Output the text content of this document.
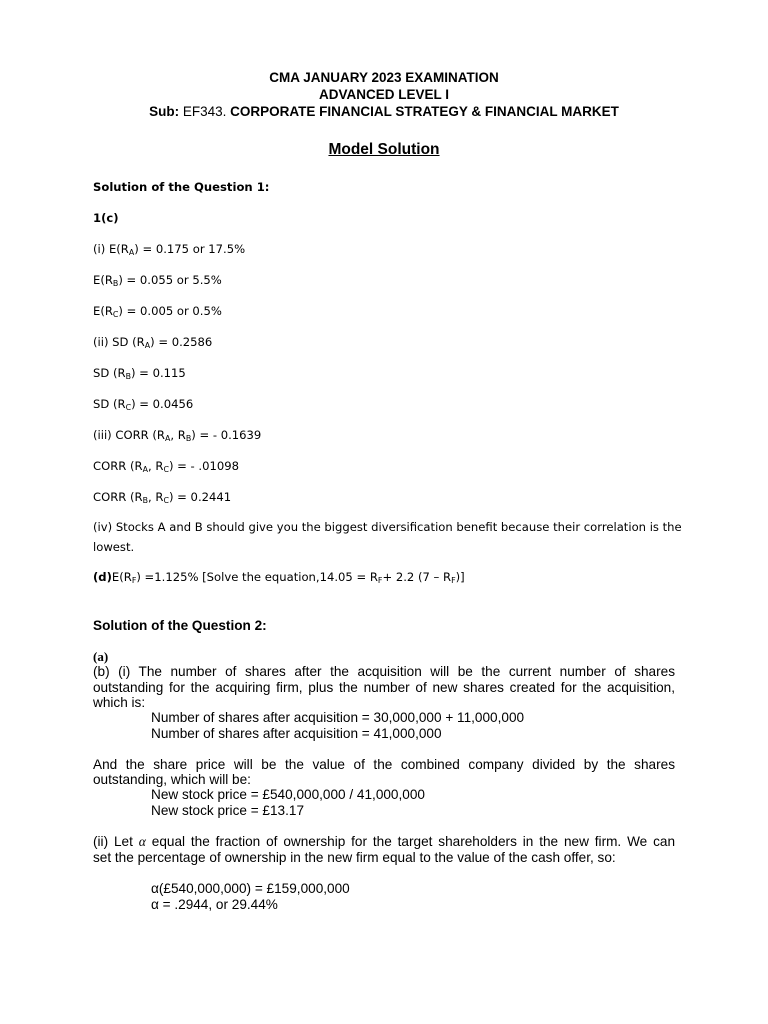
CMA JANUARY 2023 EXAMINATION
ADVANCED LEVEL I
Sub: EF343. CORPORATE FINANCIAL STRATEGY & FINANCIAL MARKET
Model Solution
Solution of the Question 1:
1(c)
(i) $E(R_A) = 0.175$ or 17.5%
$E(R_B) = 0.055$ or 5.5%
$E(R_C) = 0.005$ or 0.5%
(ii) SD $(R_A) = 0.2586$
SD $(R_B) = 0.115$
SD $(R_C) = 0.0456$
(iii) CORR ($R_A$, $R_B$) = - 0.1639
CORR ($R_A$, $R_C$) = - .01098
CORR ($R_B$, $R_C) = 0.2441$
(iv) Stocks A and B should give you the biggest diversification benefit because their correlation is the
lowest.
$(d)E(R_F) =1.125\%$ [Solve the equation,14.05 = $R_F+ 2.2$ $(7 - R_F)$]
Solution of the Question 2:
(a)
(b) (i) The number of shares after the acquisition will be the current number of shares
outstanding for the acquiring firm, plus the number of new shares created for the acquisition,
which is:
Number of shares after acquisition = 30,000,000 + 11,000,000
Number of shares after acquisition = 41,000,000
And the share price will be the value of the combined company divided by the shares
outstanding, which will be:
New stock price = £540,000,000 / 41,000,000
New stock price = £13.17
(ii) Let α equal the fraction of ownership for the target shareholders in the new firm. We can
set the percentage of ownership in the new firm equal to the value of the cash offer, so:
α(£540,000,000) = £159,000,000
α = .2944, or 29.44%
